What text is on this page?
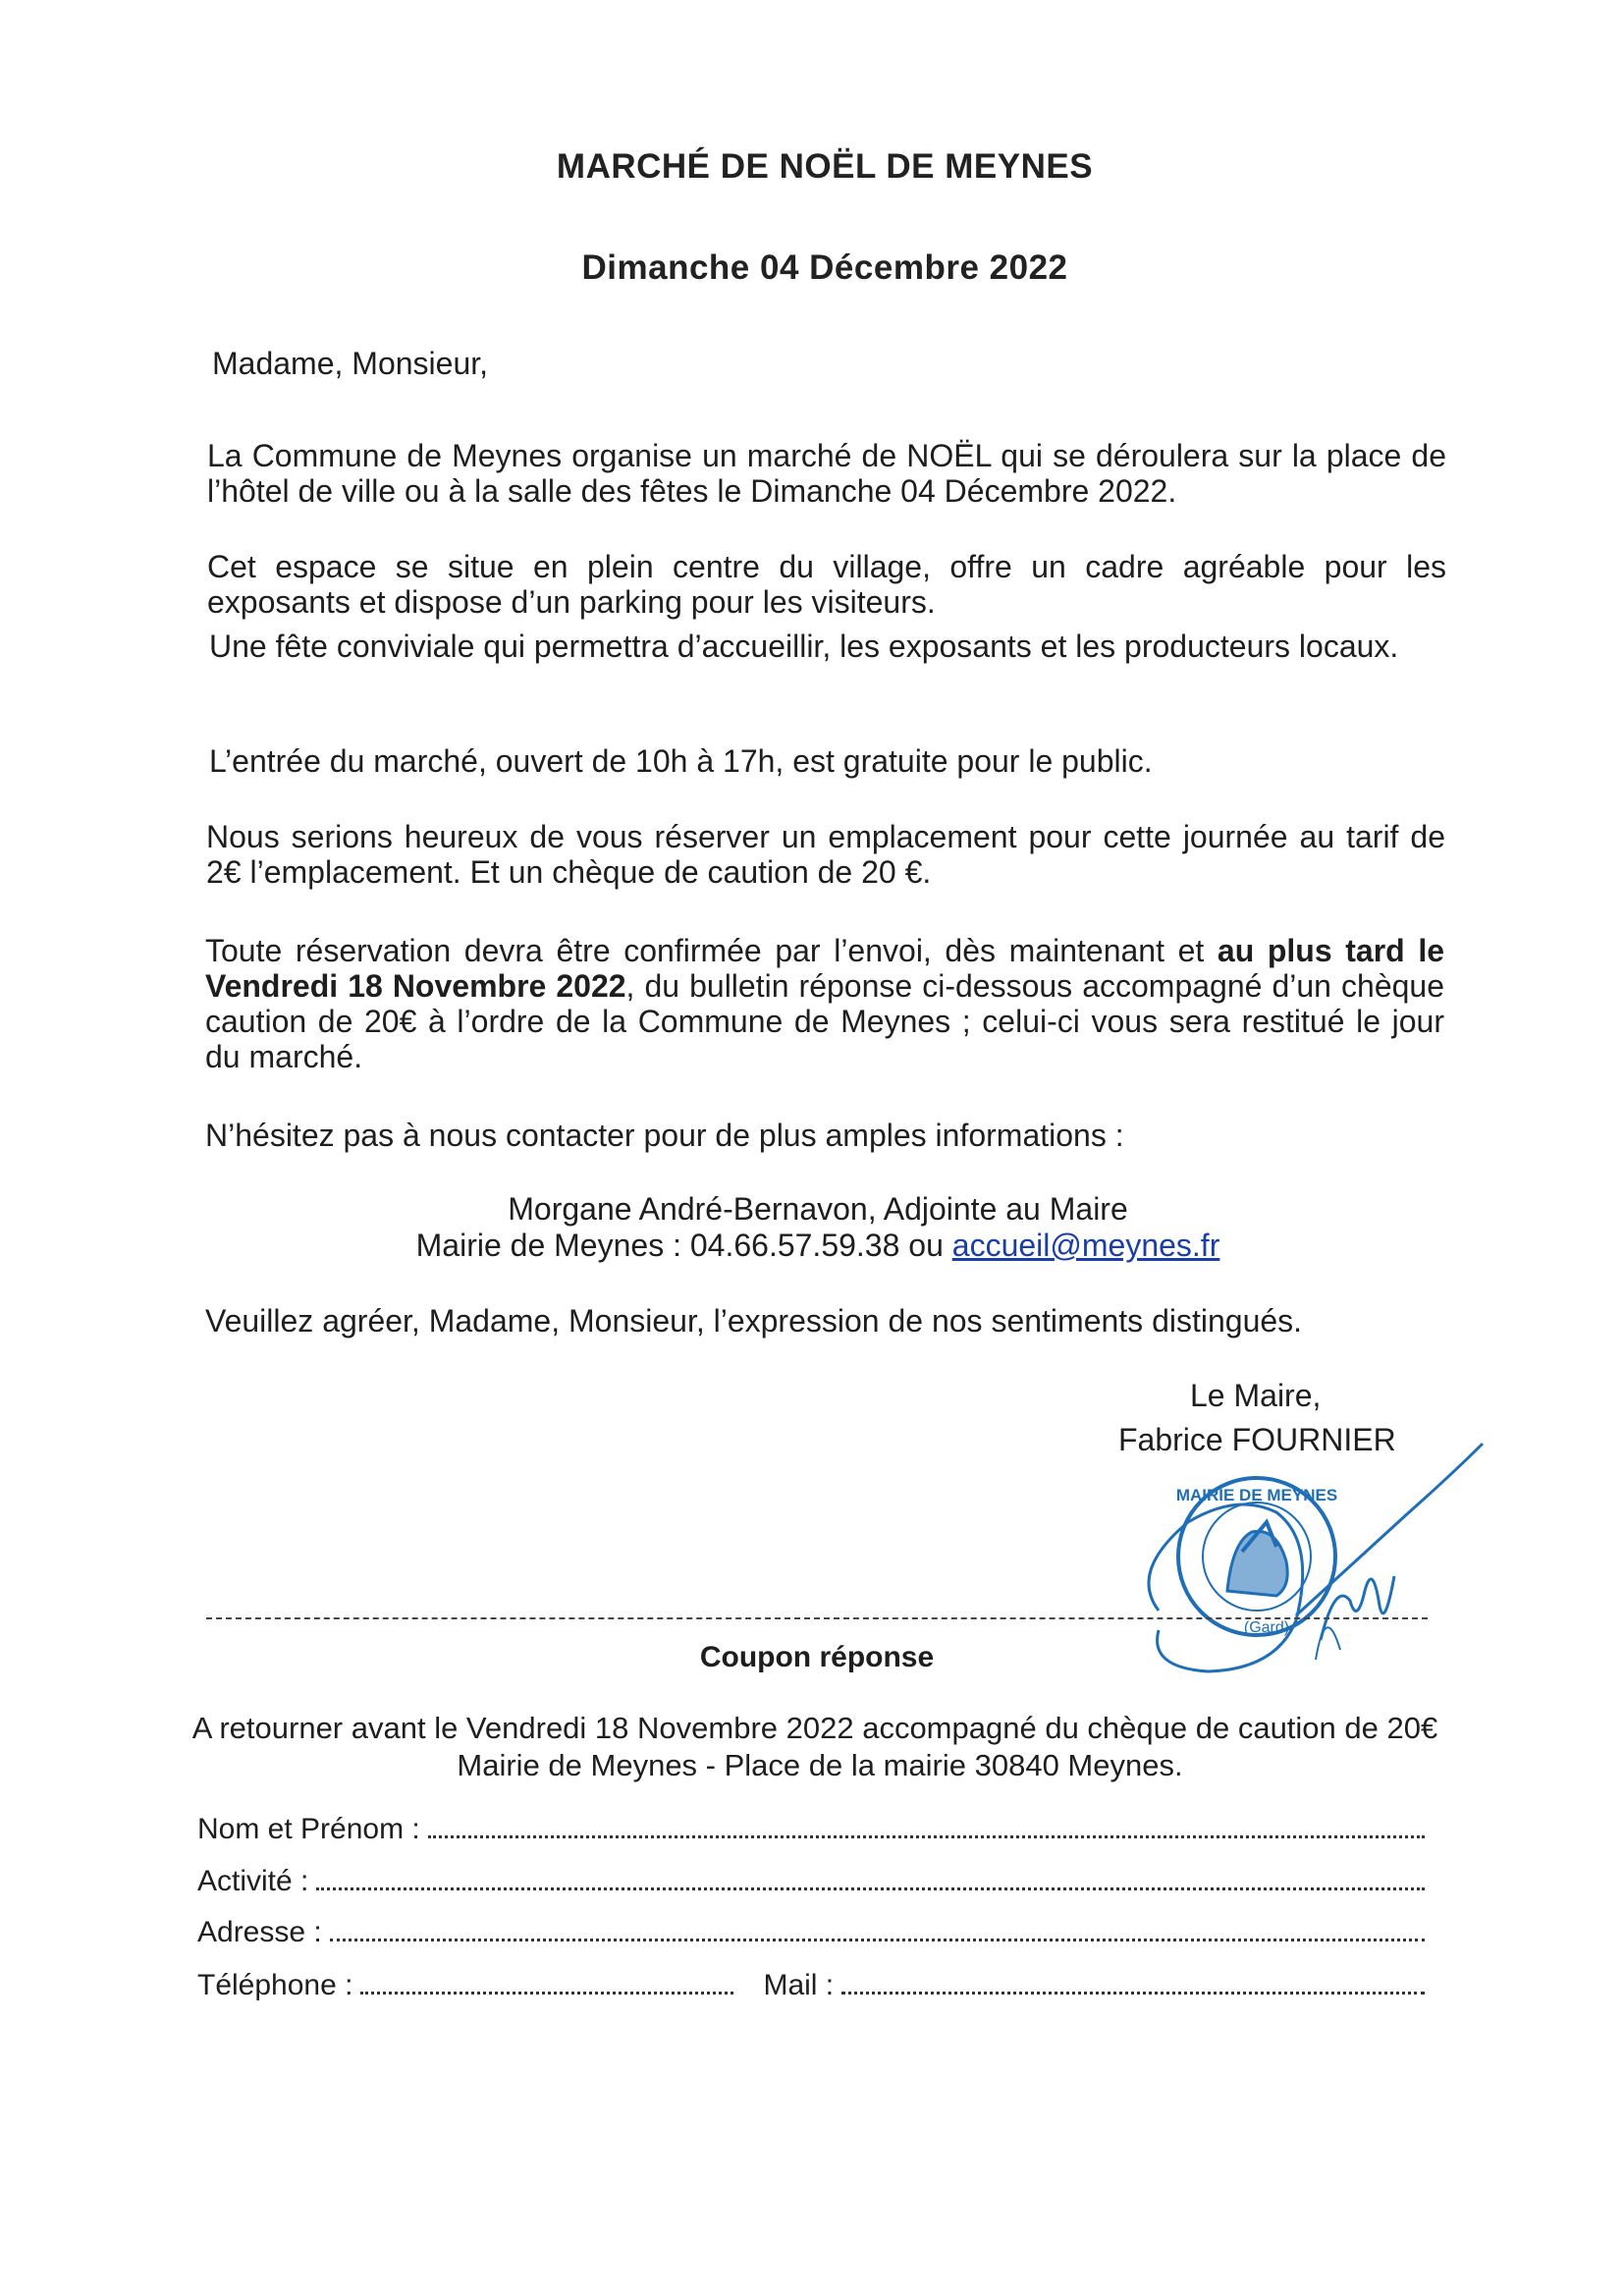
MARCHÉ DE NOËL DE MEYNES
Dimanche 04 Décembre 2022
Madame, Monsieur,
La Commune de Meynes organise un marché de NOËL qui se déroulera sur la place de l’hôtel de ville ou à la salle des fêtes le Dimanche 04 Décembre 2022.
Cet espace se situe en plein centre du village, offre un cadre agréable pour les exposants et dispose d’un parking pour les visiteurs.
Une fête conviviale qui permettra d’accueillir, les exposants et les producteurs locaux.
L’entrée du marché, ouvert de 10h à 17h, est gratuite pour le public.
Nous serions heureux de vous réserver un emplacement pour cette journée au tarif de 2€ l’emplacement. Et un chèque de caution de 20 €.
Toute réservation devra être confirmée par l’envoi, dès maintenant et au plus tard le Vendredi 18 Novembre 2022, du bulletin réponse ci-dessous accompagné d’un chèque caution de 20€ à l’ordre de la Commune de Meynes ; celui-ci vous sera restitué le jour du marché.
N’hésitez pas à nous contacter pour de plus amples informations :
Morgane André-Bernavon, Adjointe au Maire
Mairie de Meynes : 04.66.57.59.38 ou accueil@meynes.fr
Veuillez agréer, Madame, Monsieur, l’expression de nos sentiments distingués.
Le Maire,
Fabrice FOURNIER
MAIRIE DE MEYNES
(Gard)
Coupon réponse
A retourner avant le Vendredi 18 Novembre 2022 accompagné du chèque de caution de 20€
Mairie de Meynes - Place de la mairie 30840 Meynes.
Nom et Prénom :
Activité :
Adresse :
Téléphone :	Mail :
